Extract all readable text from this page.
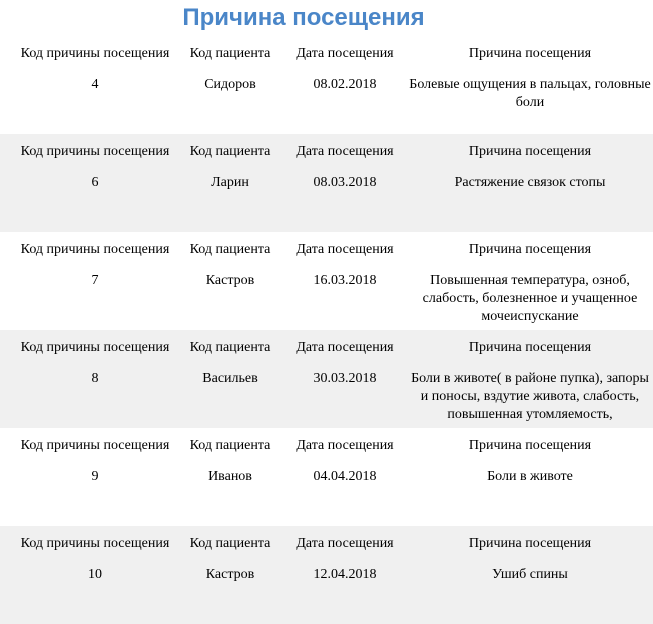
Причина посещения
Код причины посещения	Код пациента	Дата посещения	Причина посещения
4	Сидоров	08.02.2018	Болевые ощущения в пальцах, головные боли
Код причины посещения	Код пациента	Дата посещения	Причина посещения
6	Ларин	08.03.2018	Растяжение связок стопы
Код причины посещения	Код пациента	Дата посещения	Причина посещения
7	Кастров	16.03.2018	Повышенная температура, озноб, слабость, болезненное и учащенное мочеиспускание
Код причины посещения	Код пациента	Дата посещения	Причина посещения
8	Васильев	30.03.2018	Боли в животе( в районе пупка), запоры и поносы, вздутие живота, слабость, повышенная утомляемость,
Код причины посещения	Код пациента	Дата посещения	Причина посещения
9	Иванов	04.04.2018	Боли в животе
Код причины посещения	Код пациента	Дата посещения	Причина посещения
10	Кастров	12.04.2018	Ушиб спины
